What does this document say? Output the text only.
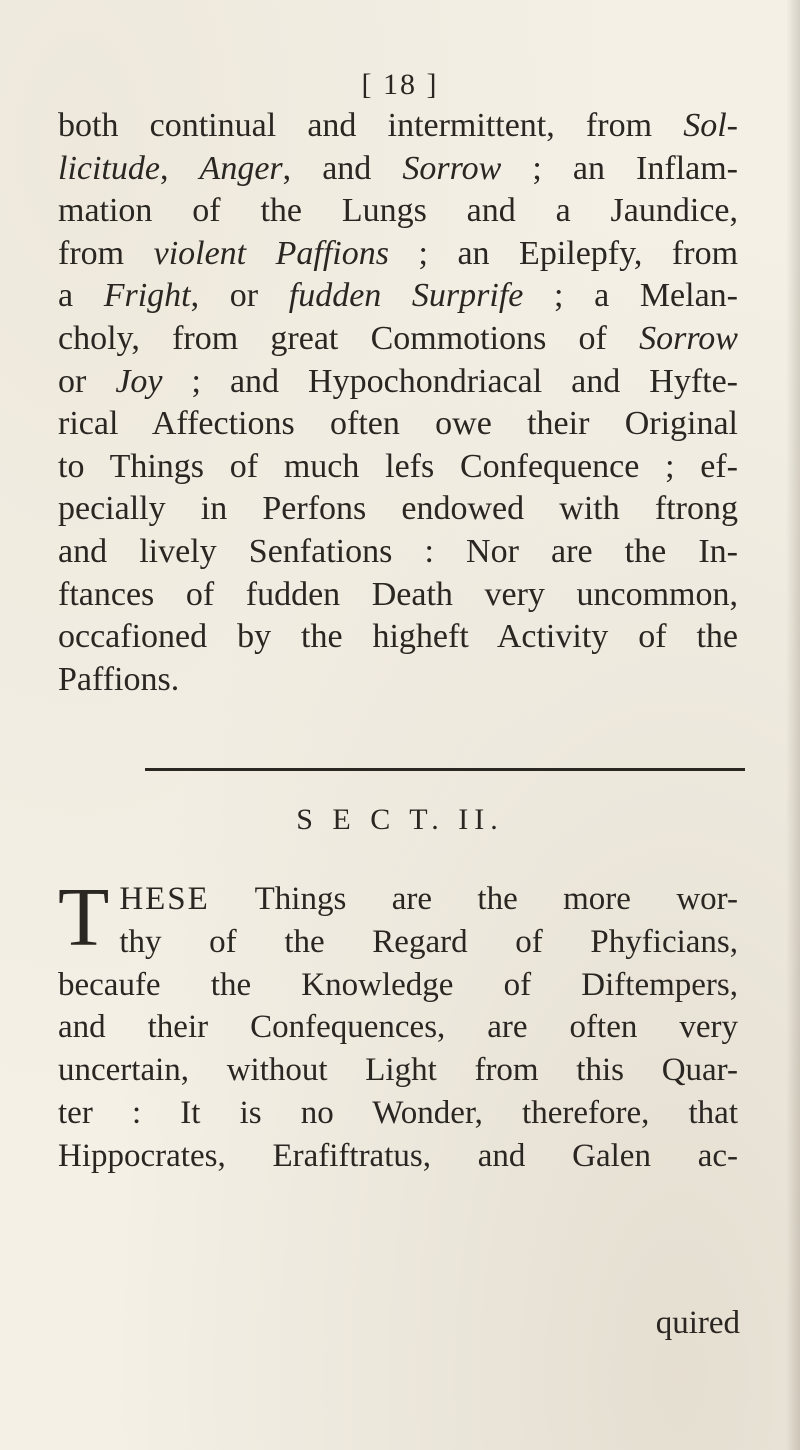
[ 18 ]
both continual and intermittent, from Sol-
licitude, Anger, and Sorrow ; an Inflam-
mation of the Lungs and a Jaundice,
from violent Paffions ; an Epilepfy, from
a Fright, or fudden Surprife ; a Melan-
choly, from great Commotions of Sorrow
or Joy ; and Hypochondriacal and Hyfte-
rical Affections often owe their Original
to Things of much lefs Confequence ; ef-
pecially in Perfons endowed with ftrong
and lively Senfations : Nor are the In-
ftances of fudden Death very uncommon,
occafioned by the higheft Activity of the
Paffions.
S E C T. II.
T HESE Things are the more wor-
thy of the Regard of Phyficians,
becaufe the Knowledge of Diftempers,
and their Confequences, are often very
uncertain, without Light from this Quar-
ter : It is no Wonder, therefore, that
Hippocrates, Erafiftratus, and Galen ac-
quired
